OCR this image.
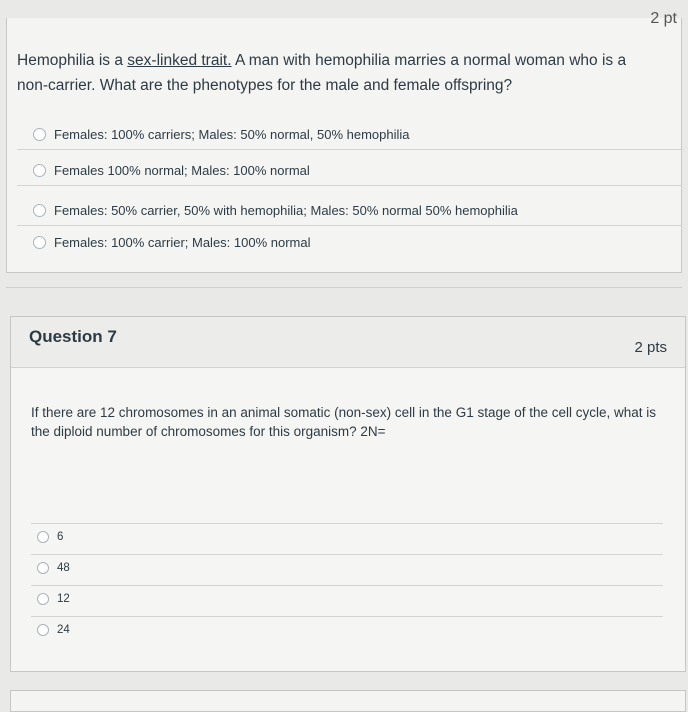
2 pt
Hemophilia is a sex-linked trait. A man with hemophilia marries a normal woman who is a non-carrier. What are the phenotypes for the male and female offspring?
Females: 100% carriers; Males: 50% normal, 50% hemophilia
Females 100% normal; Males: 100% normal
Females: 50% carrier, 50% with hemophilia; Males: 50% normal 50% hemophilia
Females: 100% carrier; Males: 100% normal
Question 7
2 pts
If there are 12 chromosomes in an animal somatic (non-sex) cell in the G1 stage of the cell cycle, what is the diploid number of chromosomes for this organism? 2N=
6
48
12
24
